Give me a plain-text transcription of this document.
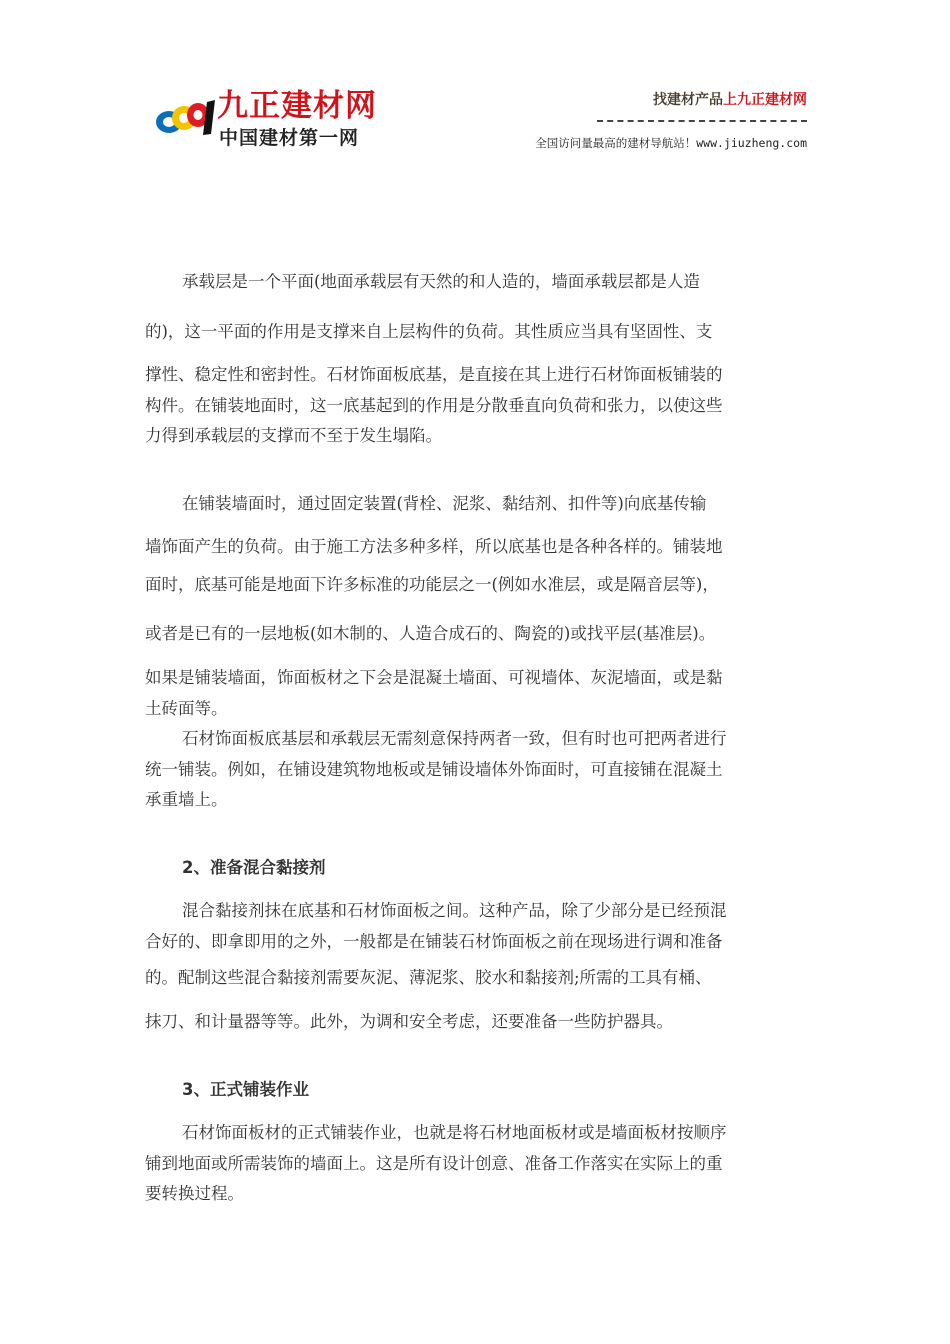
九正建材网
中国建材第一网
找建材产品上九正建材网
全国访问量最高的建材导航站！www.jiuzheng.com
承载层是一个平面(地面承载层有天然的和人造的，墙面承载层都是人造
的)，这一平面的作用是支撑来自上层构件的负荷。其性质应当具有坚固性、支
撑性、稳定性和密封性。石材饰面板底基，是直接在其上进行石材饰面板铺装的
构件。在铺装地面时，这一底基起到的作用是分散垂直向负荷和张力，以使这些
力得到承载层的支撑而不至于发生塌陷。
在铺装墙面时，通过固定装置(背栓、泥浆、黏结剂、扣件等)向底基传输
墙饰面产生的负荷。由于施工方法多种多样，所以底基也是各种各样的。铺装地
面时，底基可能是地面下许多标准的功能层之一(例如水准层，或是隔音层等)，
或者是已有的一层地板(如木制的、人造合成石的、陶瓷的)或找平层(基准层)。
如果是铺装墙面，饰面板材之下会是混凝土墙面、可视墙体、灰泥墙面，或是黏
土砖面等。
石材饰面板底基层和承载层无需刻意保持两者一致，但有时也可把两者进行
统一铺装。例如，在铺设建筑物地板或是铺设墙体外饰面时，可直接铺在混凝土
承重墙上。
2、准备混合黏接剂
混合黏接剂抹在底基和石材饰面板之间。这种产品，除了少部分是已经预混
合好的、即拿即用的之外，一般都是在铺装石材饰面板之前在现场进行调和准备
的。配制这些混合黏接剂需要灰泥、薄泥浆、胶水和黏接剂;所需的工具有桶、
抹刀、和计量器等等。此外，为调和安全考虑，还要准备一些防护器具。
3、正式铺装作业
石材饰面板材的正式铺装作业，也就是将石材地面板材或是墙面板材按顺序
铺到地面或所需装饰的墙面上。这是所有设计创意、准备工作落实在实际上的重
要转换过程。
